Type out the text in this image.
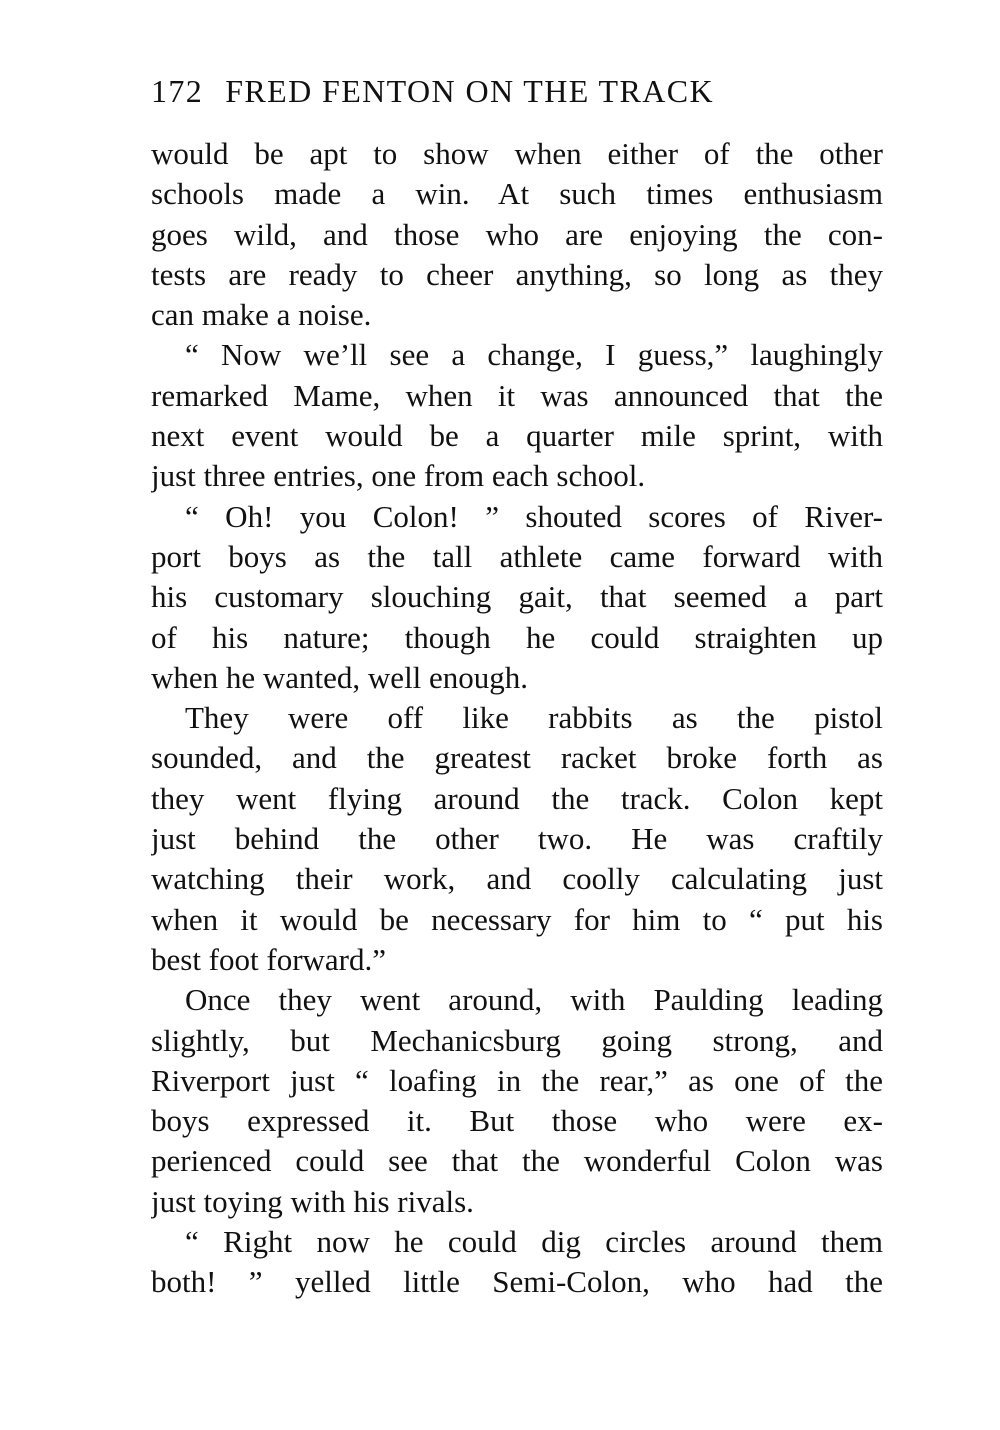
172 FRED FENTON ON THE TRACK
would be apt to show when either of the other
schools made a win. At such times enthusiasm
goes wild, and those who are enjoying the con-
tests are ready to cheer anything, so long as they
can make a noise.
“ Now we’ll see a change, I guess,” laughingly
remarked Mame, when it was announced that the
next event would be a quarter mile sprint, with
just three entries, one from each school.
“ Oh! you Colon! ” shouted scores of River-
port boys as the tall athlete came forward with
his customary slouching gait, that seemed a part
of his nature; though he could straighten up
when he wanted, well enough.
They were off like rabbits as the pistol
sounded, and the greatest racket broke forth as
they went flying around the track. Colon kept
just behind the other two. He was craftily
watching their work, and coolly calculating just
when it would be necessary for him to “ put his
best foot forward.”
Once they went around, with Paulding leading
slightly, but Mechanicsburg going strong, and
Riverport just “ loafing in the rear,” as one of the
boys expressed it. But those who were ex-
perienced could see that the wonderful Colon was
just toying with his rivals.
“ Right now he could dig circles around them
both! ” yelled little Semi-Colon, who had the
